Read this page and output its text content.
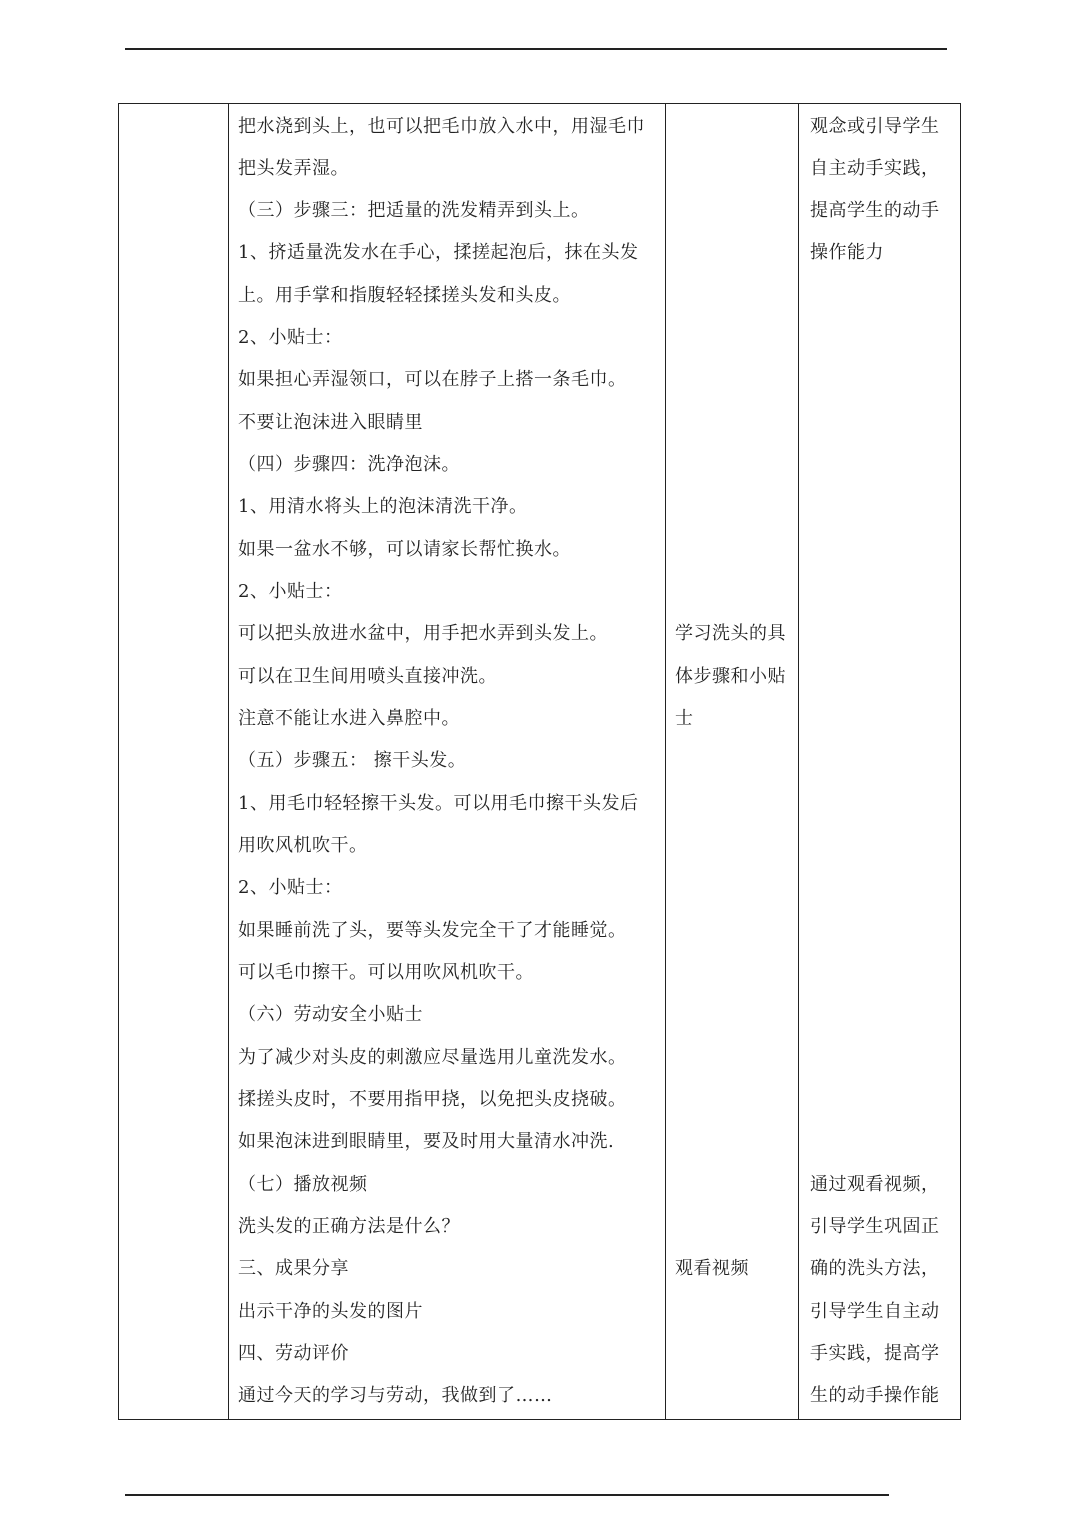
把水浇到头上，也可以把毛巾放入水中，用湿毛巾
把头发弄湿。
（三）步骤三：把适量的洗发精弄到头上。
1、挤适量洗发水在手心，揉搓起泡后，抹在头发
上。用手掌和指腹轻轻揉搓头发和头皮。
2、小贴士：
如果担心弄湿领口，可以在脖子上搭一条毛巾。
不要让泡沫进入眼睛里
（四）步骤四：洗净泡沫。
1、用清水将头上的泡沫清洗干净。
如果一盆水不够，可以请家长帮忙换水。
2、小贴士：
可以把头放进水盆中，用手把水弄到头发上。
可以在卫生间用喷头直接冲洗。
注意不能让水进入鼻腔中。
（五）步骤五： 擦干头发。
1、用毛巾轻轻擦干头发。可以用毛巾擦干头发后
用吹风机吹干。
2、小贴士：
如果睡前洗了头，要等头发完全干了才能睡觉。
可以毛巾擦干。可以用吹风机吹干。
（六）劳动安全小贴士
为了减少对头皮的刺激应尽量选用儿童洗发水。
揉搓头皮时，不要用指甲挠，以免把头皮挠破。
如果泡沫进到眼睛里，要及时用大量清水冲洗.
（七）播放视频
洗头发的正确方法是什么？
三、成果分享
出示干净的头发的图片
四、劳动评价
通过今天的学习与劳动，我做到了……
学习洗头的具
体步骤和小贴
士
观看视频
观念或引导学生
自主动手实践，
提高学生的动手
操作能力
通过观看视频，
引导学生巩固正
确的洗头方法，
引导学生自主动
手实践，提高学
生的动手操作能
